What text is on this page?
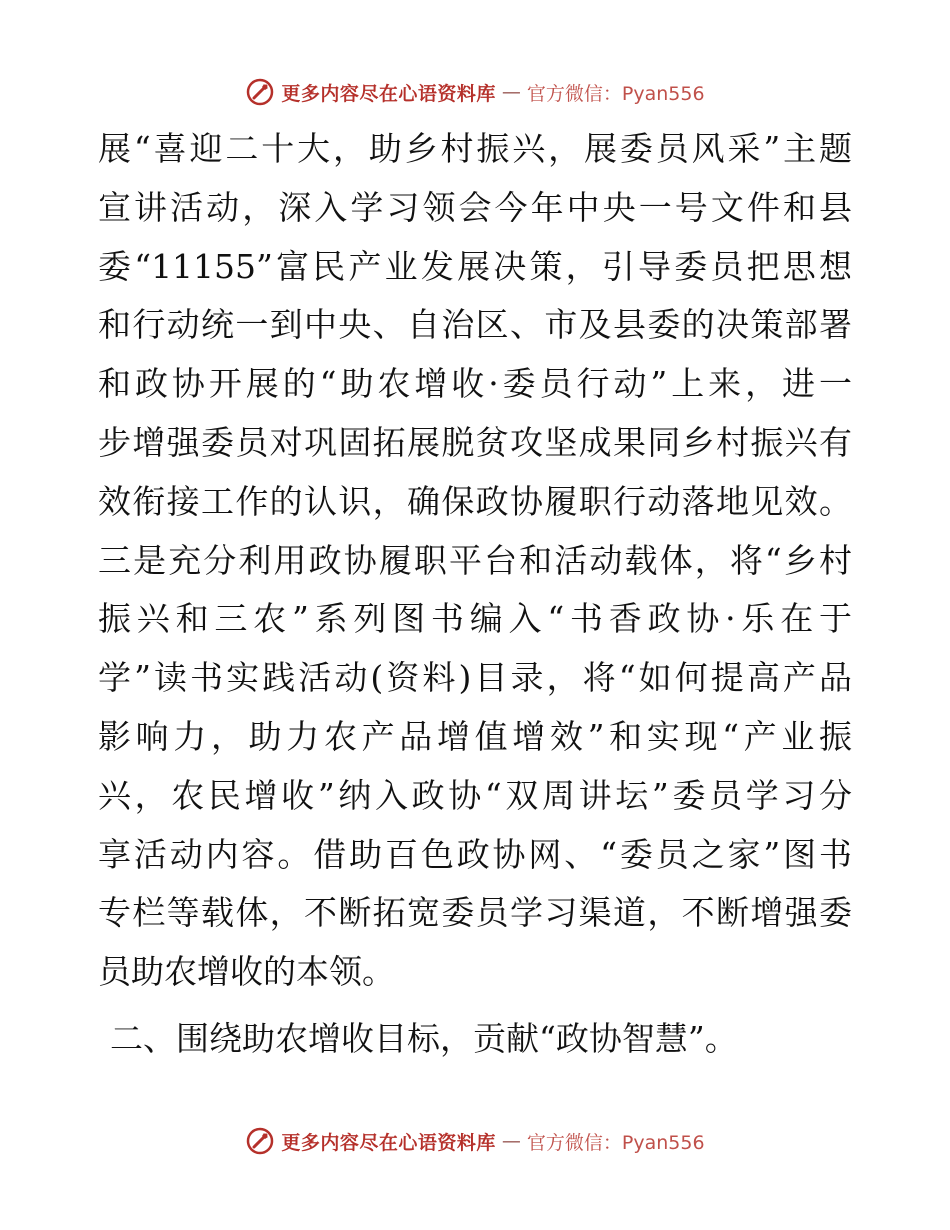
更多内容尽在心语资料库 — 官方微信：Pyan556
展“喜迎二十大，助乡村振兴，展委员风采”主题
宣讲活动，深入学习领会今年中央一号文件和县
委“11155”富民产业发展决策，引导委员把思想
和行动统一到中央、自治区、市及县委的决策部署
和政协开展的“助农增收·委员行动”上来，进一
步增强委员对巩固拓展脱贫攻坚成果同乡村振兴有
效衔接工作的认识，确保政协履职行动落地见效。
三是充分利用政协履职平台和活动载体，将“乡村
振兴和三农”系列图书编入“书香政协·乐在于
学”读书实践活动(资料)目录，将“如何提高产品
影响力，助力农产品增值增效”和实现“产业振
兴，农民增收”纳入政协“双周讲坛”委员学习分
享活动内容。借助百色政协网、“委员之家”图书
专栏等载体，不断拓宽委员学习渠道，不断增强委
员助农增收的本领。
二、围绕助农增收目标，贡献“政协智慧”。
更多内容尽在心语资料库 — 官方微信：Pyan556
